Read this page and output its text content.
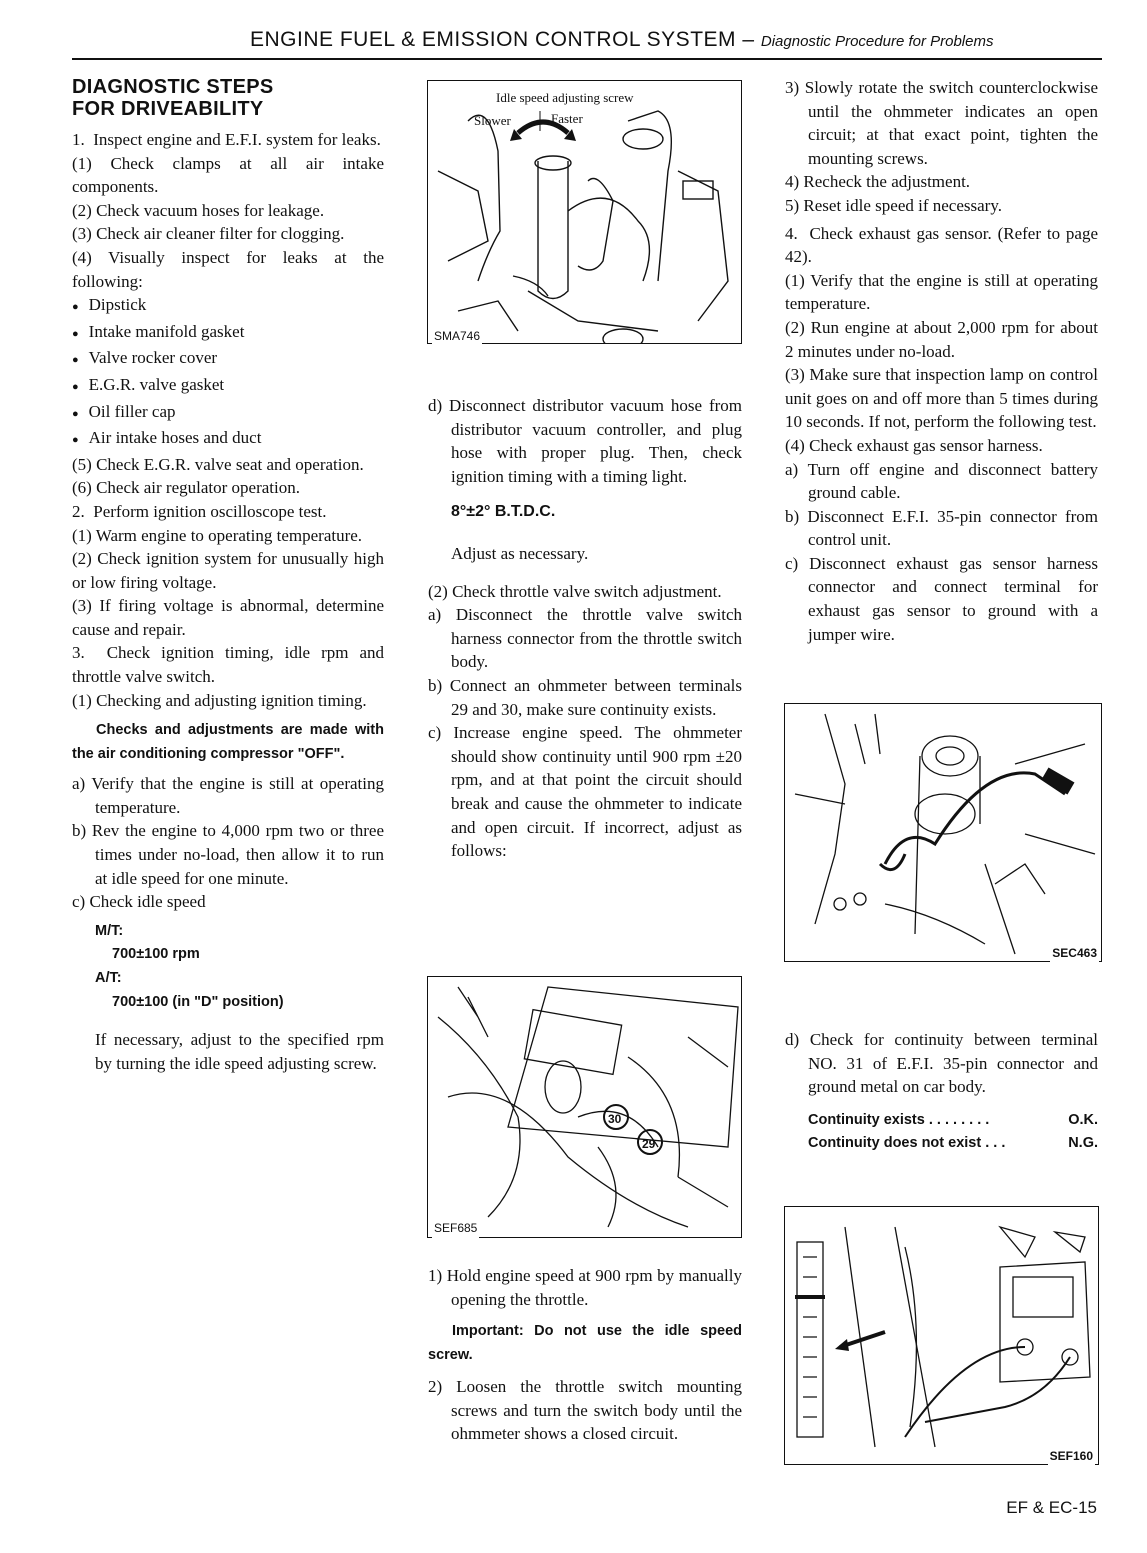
ENGINE FUEL & EMISSION CONTROL SYSTEM – Diagnostic Procedure for Problems

DIAGNOSTIC STEPS FOR DRIVEABILITY

1.  Inspect engine and E.F.I. system for leaks.

(1) Check clamps at all air intake components.

(2) Check vacuum hoses for leakage.

(3) Check air cleaner filter for clogging.

(4) Visually inspect for leaks at the following:

● Dipstick

● Intake manifold gasket

● Valve rocker cover

● E.G.R. valve gasket

● Oil filler cap

● Air intake hoses and duct

(5) Check E.G.R. valve seat and operation.

(6) Check air regulator operation.

2.  Perform ignition oscilloscope test.

(1) Warm engine to operating temperature.

(2) Check ignition system for unusually high or low firing voltage.

(3) If firing voltage is abnormal, determine cause and repair.

3.  Check ignition timing, idle rpm and throttle valve switch.

(1) Checking and adjusting ignition timing.

Checks and adjustments are made with the air conditioning compressor "OFF".

a) Verify that the engine is still at operating temperature.

b) Rev the engine to 4,000 rpm two or three times under no-load, then allow it to run at idle speed for one minute.

c) Check idle speed

M/T:

700±100 rpm

A/T:

700±100 (in "D" position)

If necessary, adjust to the specified rpm by turning the idle speed adjusting screw.

Idle speed adjusting screw
Slower	Faster
SMA746

d) Disconnect distributor vacuum hose from distributor vacuum controller, and plug hose with proper plug. Then, check ignition timing with a timing light.

8°±2° B.T.D.C.

Adjust as necessary.

(2) Check throttle valve switch adjustment.

a) Disconnect the throttle valve switch harness connector from the throttle switch body.

b) Connect an ohmmeter between terminals 29 and 30, make sure continuity exists.

c) Increase engine speed. The ohmmeter should show continuity until 900 rpm ±20 rpm, and at that point the circuit should break and cause the ohmmeter to indicate and open circuit. If incorrect, adjust as follows:

30
29
SEF685

1) Hold engine speed at 900 rpm by manually opening the throttle.

Important: Do not use the idle speed screw.

2) Loosen the throttle switch mounting screws and turn the switch body until the ohmmeter shows a closed circuit.

3) Slowly rotate the switch counterclockwise until the ohmmeter indicates an open circuit; at that exact point, tighten the mounting screws.

4) Recheck the adjustment.

5) Reset idle speed if necessary.

4.  Check exhaust gas sensor. (Refer to page 42).

(1) Verify that the engine is still at operating temperature.

(2) Run engine at about 2,000 rpm for about 2 minutes under no-load.

(3) Make sure that inspection lamp on control unit goes on and off more than 5 times during 10 seconds. If not, perform the following test.

(4) Check exhaust gas sensor harness.

a) Turn off engine and disconnect battery ground cable.

b) Disconnect E.F.I. 35-pin connector from control unit.

c) Disconnect exhaust gas sensor harness connector and connect terminal for exhaust gas sensor to ground with a jumper wire.

SEC463

d) Check for continuity between terminal NO. 31 of E.F.I. 35-pin connector and ground metal on car body.

Continuity exists . . . . . . . .	O.K.
Continuity does not exist . . .	N.G.
SEF160
EF & EC-15
